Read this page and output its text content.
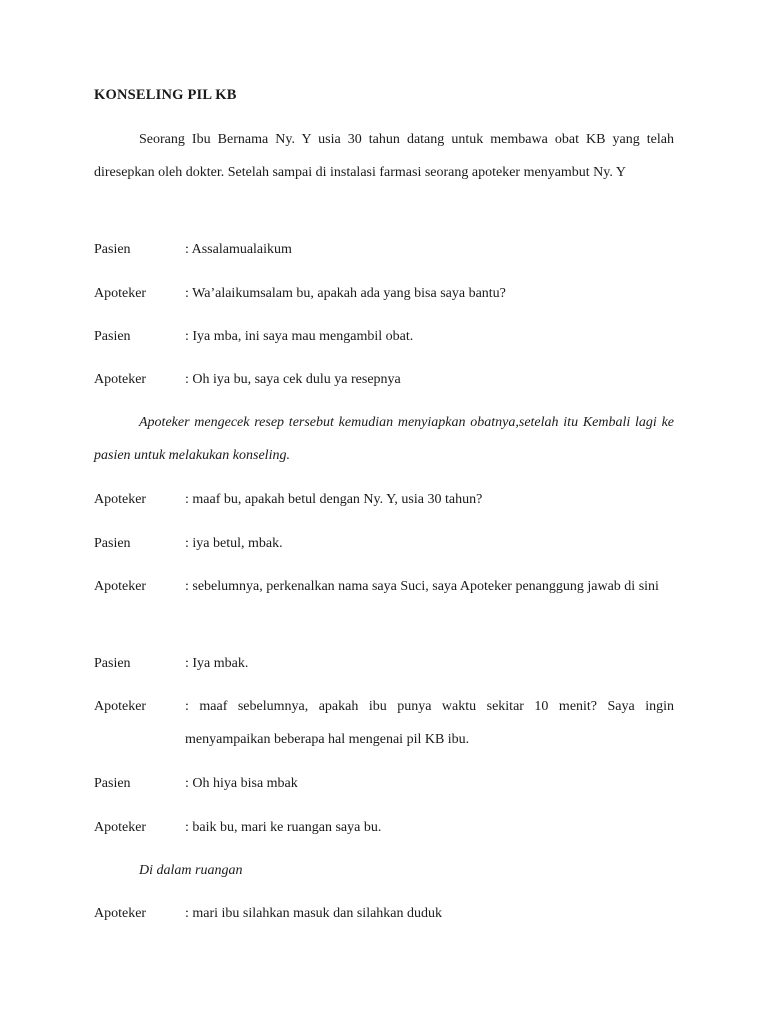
KONSELING PIL KB
Seorang Ibu Bernama Ny. Y usia 30 tahun datang untuk membawa obat KB yang telah diresepkan oleh dokter. Setelah sampai di instalasi farmasi seorang apoteker menyambut Ny. Y
Pasien	: Assalamualaikum
Apoteker	: Wa’alaikumsalam bu, apakah ada yang bisa saya bantu?
Pasien	: Iya mba, ini saya mau mengambil obat.
Apoteker	: Oh iya bu, saya cek dulu ya resepnya
Apoteker mengecek resep tersebut kemudian menyiapkan obatnya,setelah itu Kembali lagi ke pasien untuk melakukan konseling.
Apoteker	: maaf bu, apakah betul dengan Ny. Y, usia 30 tahun?
Pasien	: iya betul, mbak.
Apoteker	: sebelumnya, perkenalkan nama saya Suci, saya Apoteker penanggung jawab di sini
Pasien	: Iya mbak.
Apoteker	: maaf sebelumnya, apakah ibu punya waktu sekitar 10 menit? Saya ingin menyampaikan beberapa hal mengenai pil KB ibu.
Pasien	: Oh hiya bisa mbak
Apoteker	: baik bu, mari ke ruangan saya bu.
Di dalam ruangan
Apoteker	: mari ibu silahkan masuk dan silahkan duduk
